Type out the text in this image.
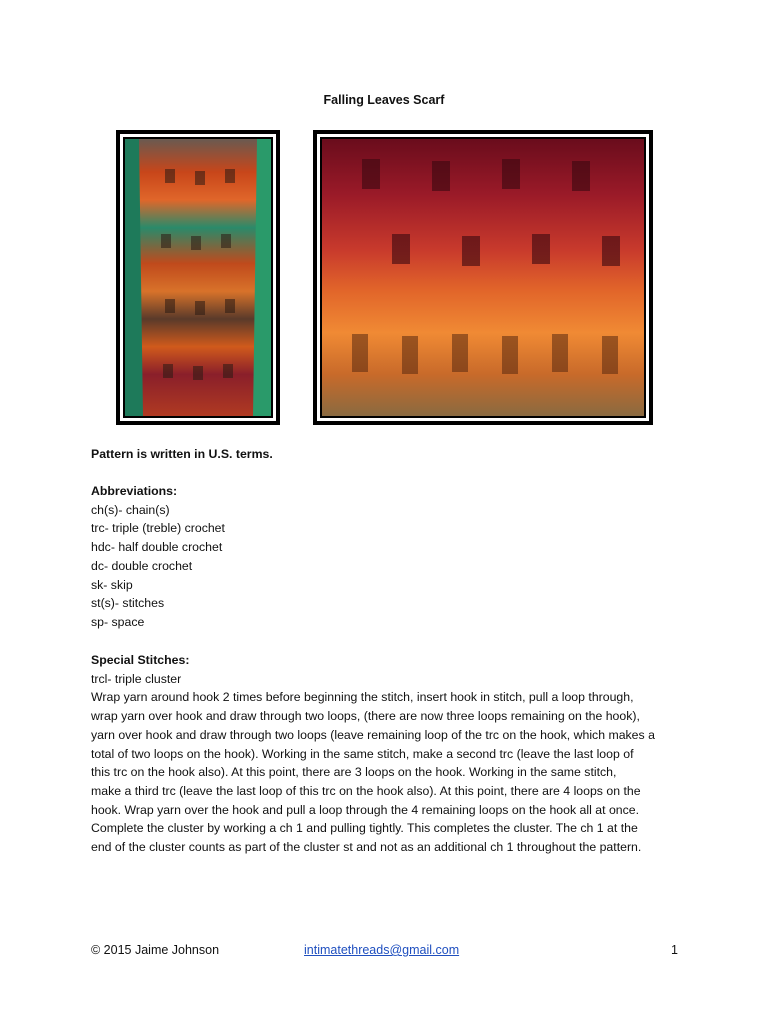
Falling Leaves Scarf
Pattern is written in U.S. terms.
Abbreviations:
ch(s)- chain(s)
trc- triple (treble) crochet
hdc- half double crochet
dc- double crochet
sk- skip
st(s)- stitches
sp- space
Special Stitches:
trcl- triple cluster
Wrap yarn around hook 2 times before beginning the stitch, insert hook in stitch, pull a loop through,
wrap yarn over hook and draw through two loops, (there are now three loops remaining on the hook),
yarn over hook and draw through two loops (leave remaining loop of the trc on the hook, which makes a
total of two loops on the hook). Working in the same stitch, make a second trc (leave the last loop of
this trc on the hook also). At this point, there are 3 loops on the hook. Working in the same stitch,
make a third trc (leave the last loop of this trc on the hook also). At this point, there are 4 loops on the
hook. Wrap yarn over the hook and pull a loop through the 4 remaining loops on the hook all at once.
Complete the cluster by working a ch 1 and pulling tightly. This completes the cluster. The ch 1 at the
end of the cluster counts as part of the cluster st and not as an additional ch 1 throughout the pattern.
© 2015 Jaime Johnson	intimatethreads@gmail.com	1
